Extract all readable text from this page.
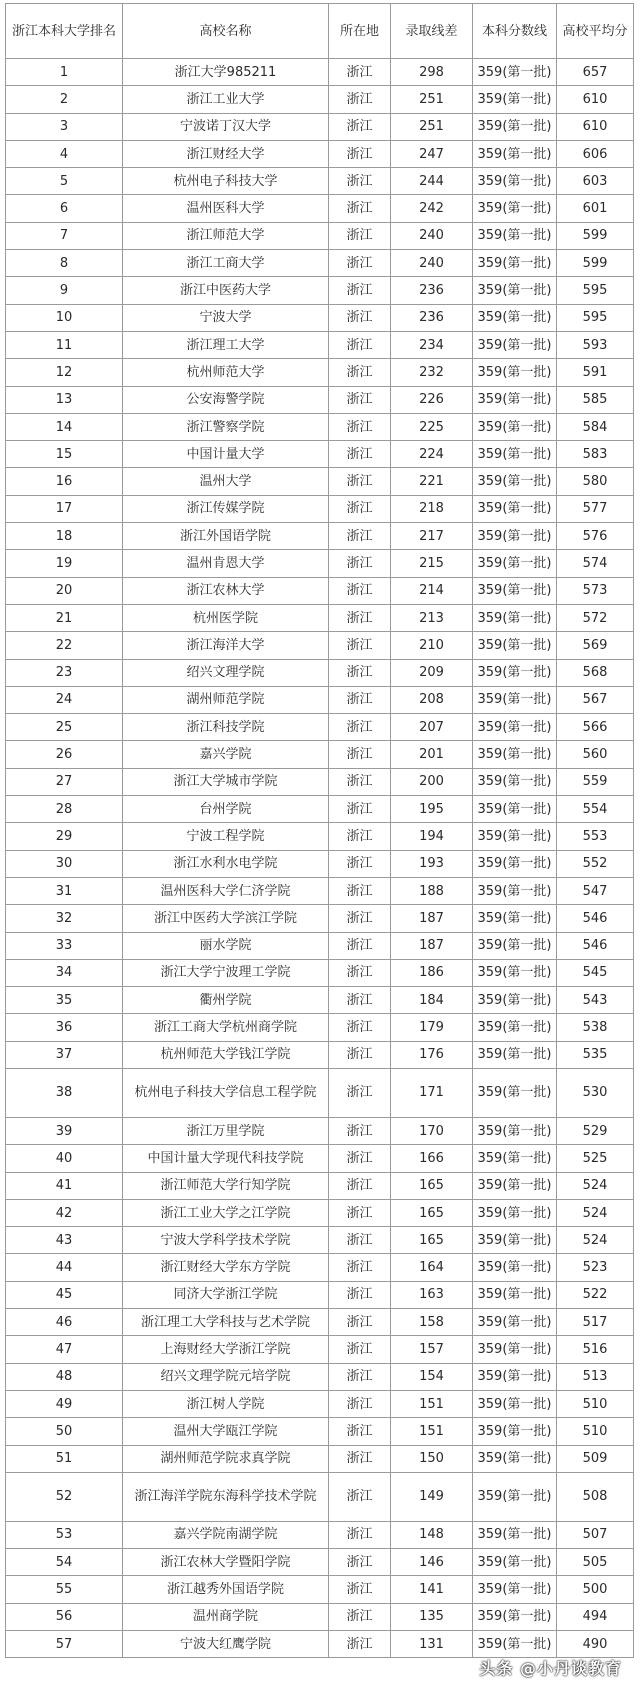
浙江本科大学排名	高校名称	所在地	录取线差	本科分数线	高校平均分
1	浙江大学985211	浙江	298	359(第一批)	657
2	浙江工业大学	浙江	251	359(第一批)	610
3	宁波诺丁汉大学	浙江	251	359(第一批)	610
4	浙江财经大学	浙江	247	359(第一批)	606
5	杭州电子科技大学	浙江	244	359(第一批)	603
6	温州医科大学	浙江	242	359(第一批)	601
7	浙江师范大学	浙江	240	359(第一批)	599
8	浙江工商大学	浙江	240	359(第一批)	599
9	浙江中医药大学	浙江	236	359(第一批)	595
10	宁波大学	浙江	236	359(第一批)	595
11	浙江理工大学	浙江	234	359(第一批)	593
12	杭州师范大学	浙江	232	359(第一批)	591
13	公安海警学院	浙江	226	359(第一批)	585
14	浙江警察学院	浙江	225	359(第一批)	584
15	中国计量大学	浙江	224	359(第一批)	583
16	温州大学	浙江	221	359(第一批)	580
17	浙江传媒学院	浙江	218	359(第一批)	577
18	浙江外国语学院	浙江	217	359(第一批)	576
19	温州肯恩大学	浙江	215	359(第一批)	574
20	浙江农林大学	浙江	214	359(第一批)	573
21	杭州医学院	浙江	213	359(第一批)	572
22	浙江海洋大学	浙江	210	359(第一批)	569
23	绍兴文理学院	浙江	209	359(第一批)	568
24	湖州师范学院	浙江	208	359(第一批)	567
25	浙江科技学院	浙江	207	359(第一批)	566
26	嘉兴学院	浙江	201	359(第一批)	560
27	浙江大学城市学院	浙江	200	359(第一批)	559
28	台州学院	浙江	195	359(第一批)	554
29	宁波工程学院	浙江	194	359(第一批)	553
30	浙江水利水电学院	浙江	193	359(第一批)	552
31	温州医科大学仁济学院	浙江	188	359(第一批)	547
32	浙江中医药大学滨江学院	浙江	187	359(第一批)	546
33	丽水学院	浙江	187	359(第一批)	546
34	浙江大学宁波理工学院	浙江	186	359(第一批)	545
35	衢州学院	浙江	184	359(第一批)	543
36	浙江工商大学杭州商学院	浙江	179	359(第一批)	538
37	杭州师范大学钱江学院	浙江	176	359(第一批)	535
38	杭州电子科技大学信息工程学院	浙江	171	359(第一批)	530
39	浙江万里学院	浙江	170	359(第一批)	529
40	中国计量大学现代科技学院	浙江	166	359(第一批)	525
41	浙江师范大学行知学院	浙江	165	359(第一批)	524
42	浙江工业大学之江学院	浙江	165	359(第一批)	524
43	宁波大学科学技术学院	浙江	165	359(第一批)	524
44	浙江财经大学东方学院	浙江	164	359(第一批)	523
45	同济大学浙江学院	浙江	163	359(第一批)	522
46	浙江理工大学科技与艺术学院	浙江	158	359(第一批)	517
47	上海财经大学浙江学院	浙江	157	359(第一批)	516
48	绍兴文理学院元培学院	浙江	154	359(第一批)	513
49	浙江树人学院	浙江	151	359(第一批)	510
50	温州大学瓯江学院	浙江	151	359(第一批)	510
51	湖州师范学院求真学院	浙江	150	359(第一批)	509
52	浙江海洋学院东海科学技术学院	浙江	149	359(第一批)	508
53	嘉兴学院南湖学院	浙江	148	359(第一批)	507
54	浙江农林大学暨阳学院	浙江	146	359(第一批)	505
55	浙江越秀外国语学院	浙江	141	359(第一批)	500
56	温州商学院	浙江	135	359(第一批)	494
57	宁波大红鹰学院	浙江	131	359(第一批)	490
头条 @小丹谈教育
